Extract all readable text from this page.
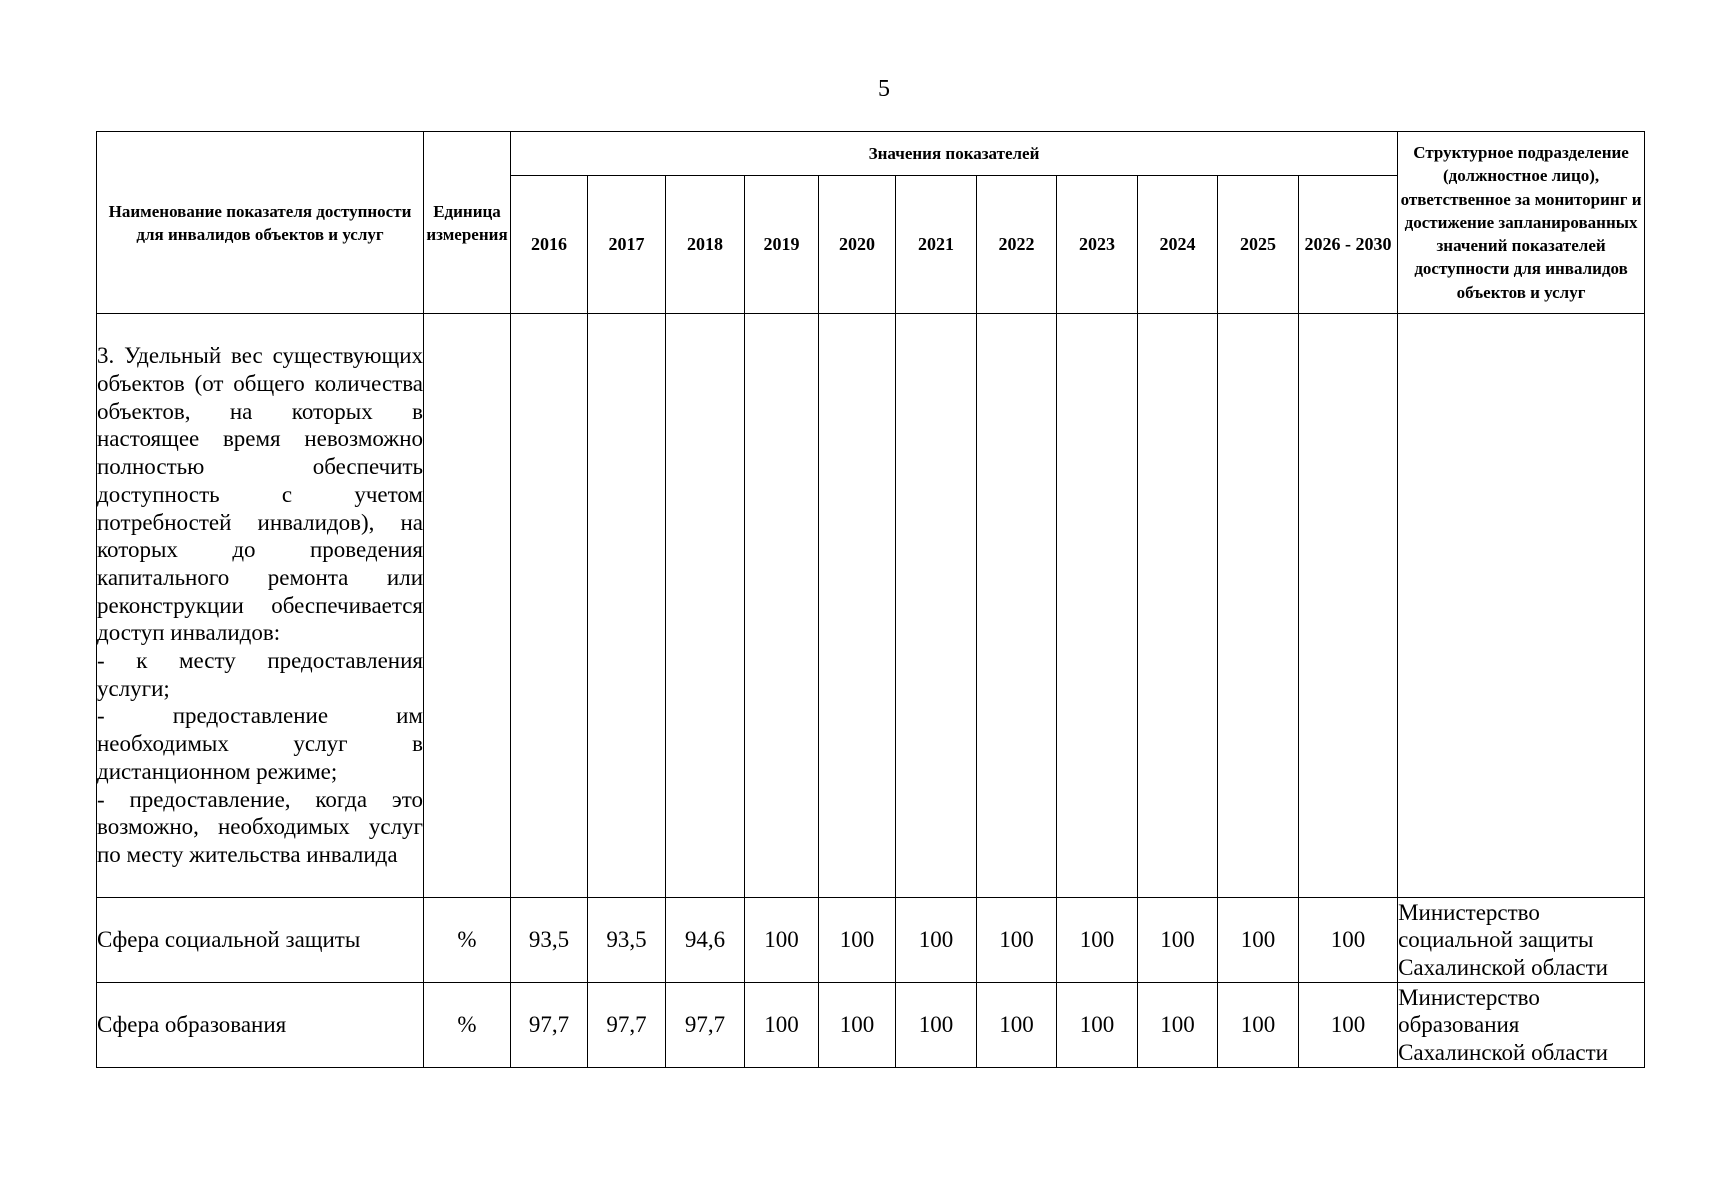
5
Наименование показателя доступности для инвалидов объектов и услуг	Единица измерения	Значения показателей											Структурное подразделение (должностное лицо), ответственное за мониторинг и достижение запланированных значений показателей доступности для инвалидов объектов и услуг
		2016	2017	2018	2019	2020	2021	2022	2023	2024	2025	2026 - 2030	

3. Удельный вес существующих объектов (от общего количества объектов, на которых в настоящее время невозможно полностью обеспечить доступность с учетом потребностей инвалидов), на которых до проведения капитального ремонта или реконструкции обеспечивается доступ инвалидов:
- к месту предоставления услуги;
- предоставление им необходимых услуг в дистанционном режиме;
- предоставление, когда это возможно, необходимых услуг по месту жительства инвалида													

Сфера социальной защиты	%	93,5	93,5	94,6	100	100	100	100	100	100	100	100	Министерство социальной защиты Сахалинской области
Сфера образования	%	97,7	97,7	97,7	100	100	100	100	100	100	100	100	Министерство образования Сахалинской области
